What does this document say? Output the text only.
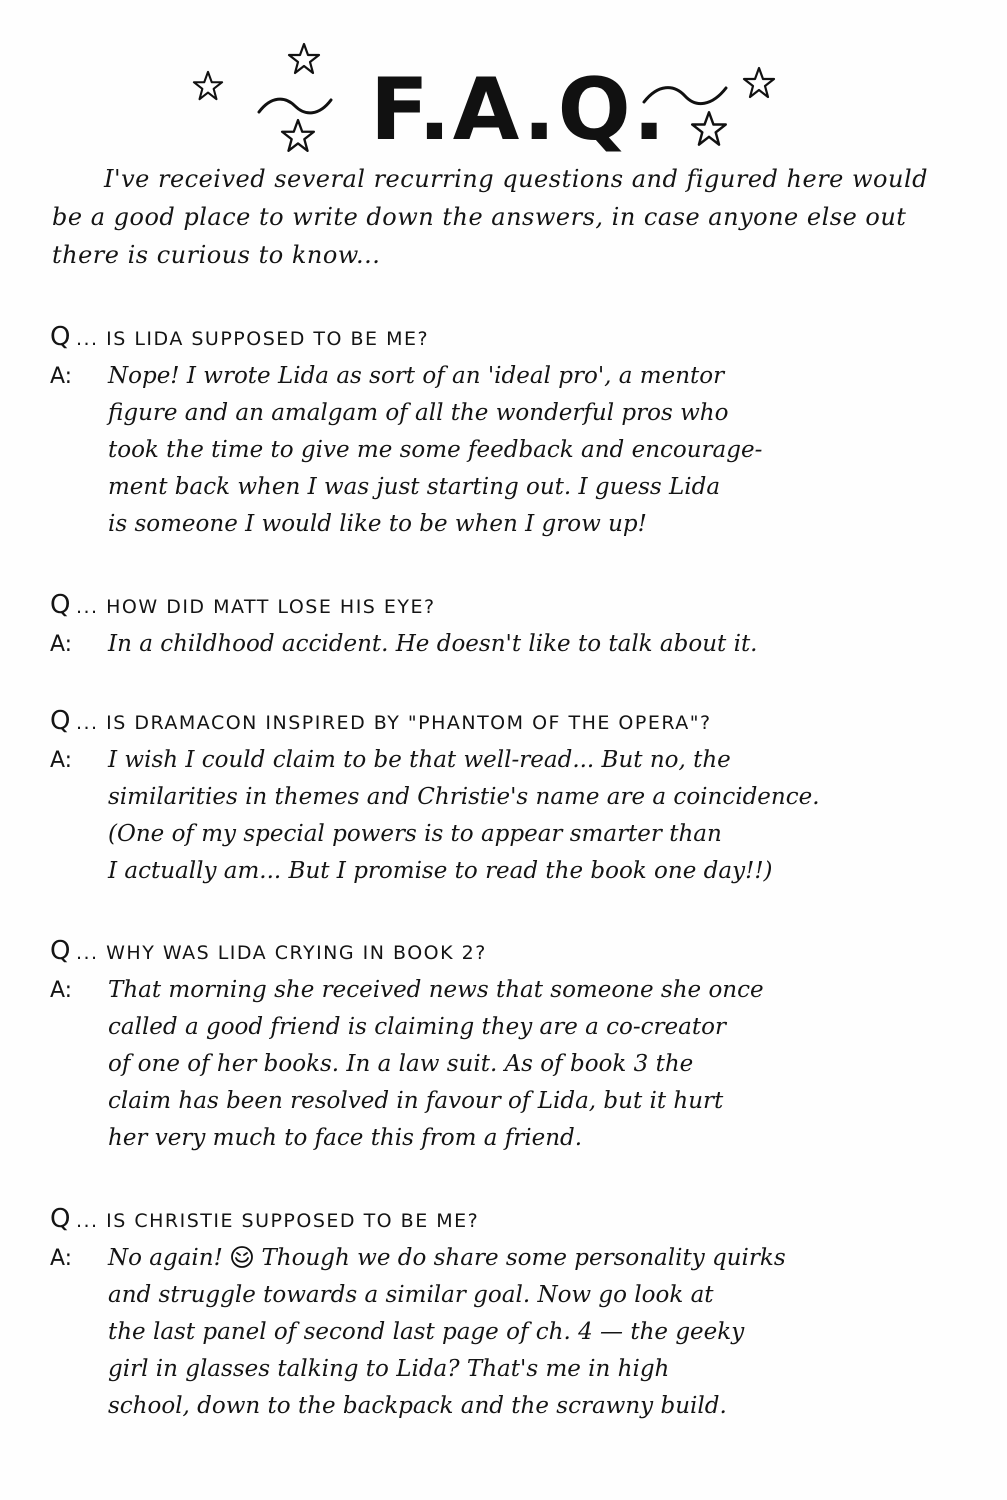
F.A.Q.
I've received several recurring questions and figured here would be a good place to write down the answers, in case anyone else out there is curious to know...
Q ... IS LIDA SUPPOSED TO BE ME?
A: Nope! I wrote Lida as sort of an 'ideal pro', a mentor
figure and an amalgam of all the wonderful pros who
took the time to give me some feedback and encourage-
ment back when I was just starting out. I guess Lida
is someone I would like to be when I grow up!
Q ... HOW DID MATT LOSE HIS EYE?
A: In a childhood accident. He doesn't like to talk about it.
Q ... IS DRAMACON INSPIRED BY "PHANTOM OF THE OPERA"?
A: I wish I could claim to be that well-read... But no, the
similarities in themes and Christie's name are a coincidence.
(One of my special powers is to appear smarter than
I actually am... But I promise to read the book one day!!)
Q ... WHY WAS LIDA CRYING IN BOOK 2?
A: That morning she received news that someone she once
called a good friend is claiming they are a co-creator
of one of her books. In a law suit. As of book 3 the
claim has been resolved in favour of Lida, but it hurt
her very much to face this from a friend.
Q ... IS CHRISTIE SUPPOSED TO BE ME?
A: No again! Though we do share some personality quirks
and struggle towards a similar goal. Now go look at
the last panel of second last page of ch. 4 — the geeky
girl in glasses talking to Lida? That's me in high
school, down to the backpack and the scrawny build.
